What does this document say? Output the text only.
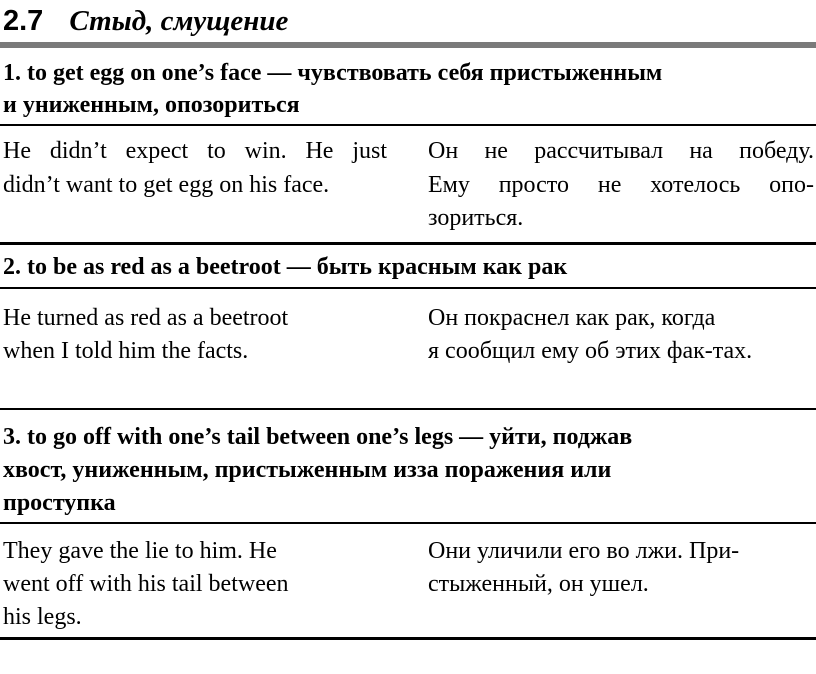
2.7 Стыд, смущение
1. to get egg on one’s face — чувствовать себя пристыженным
и униженным, опозориться
He didn’t expect to win. He just
didn’t want to get egg on his face.
Он не рассчитывал на победу.
Ему просто не хотелось опо-
зориться.
2. to be as red as a beetroot — быть красным как рак
He turned as red as a beetroot
when I told him the facts.
Он покраснел как рак, когда
я сообщил ему об этих фак-тах.
3. to go off with one’s tail between one’s legs — уйти, поджав
хвост, униженным, пристыженным изза поражения или
проступка
They gave the lie to him. He
went off with his tail between
his legs.
Они уличили его во лжи. При-
стыженный, он ушел.
